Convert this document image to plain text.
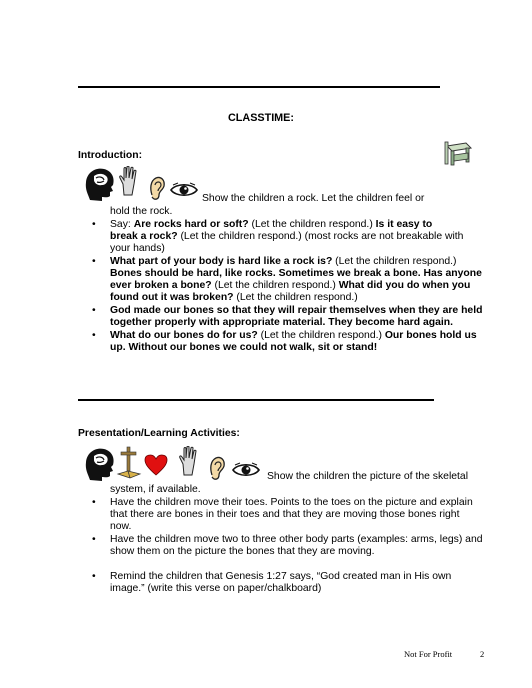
CLASSTIME:
Introduction:
Show the children a rock. Let the children feel or
hold the rock.
• Say: Are rocks hard or soft? (Let the children respond.) Is it easy to
break a rock? (Let the children respond.) (most rocks are not breakable with
your hands)
• What part of your body is hard like a rock is? (Let the children respond.)
Bones should be hard, like rocks. Sometimes we break a bone. Has anyone
ever broken a bone? (Let the children respond.) What did you do when you
found out it was broken? (Let the children respond.)
• God made our bones so that they will repair themselves when they are held
together properly with appropriate material. They become hard again.
• What do our bones do for us? (Let the children respond.) Our bones hold us
up. Without our bones we could not walk, sit or stand!
Presentation/Learning Activities:
Show the children the picture of the skeletal
system, if available.
• Have the children move their toes. Points to the toes on the picture and explain
that there are bones in their toes and that they are moving those bones right
now.
• Have the children move two to three other body parts (examples: arms, legs) and
show them on the picture the bones that they are moving.
• Remind the children that Genesis 1:27 says, “God created man in His own
image.” (write this verse on paper/chalkboard)
Not For Profit	2
